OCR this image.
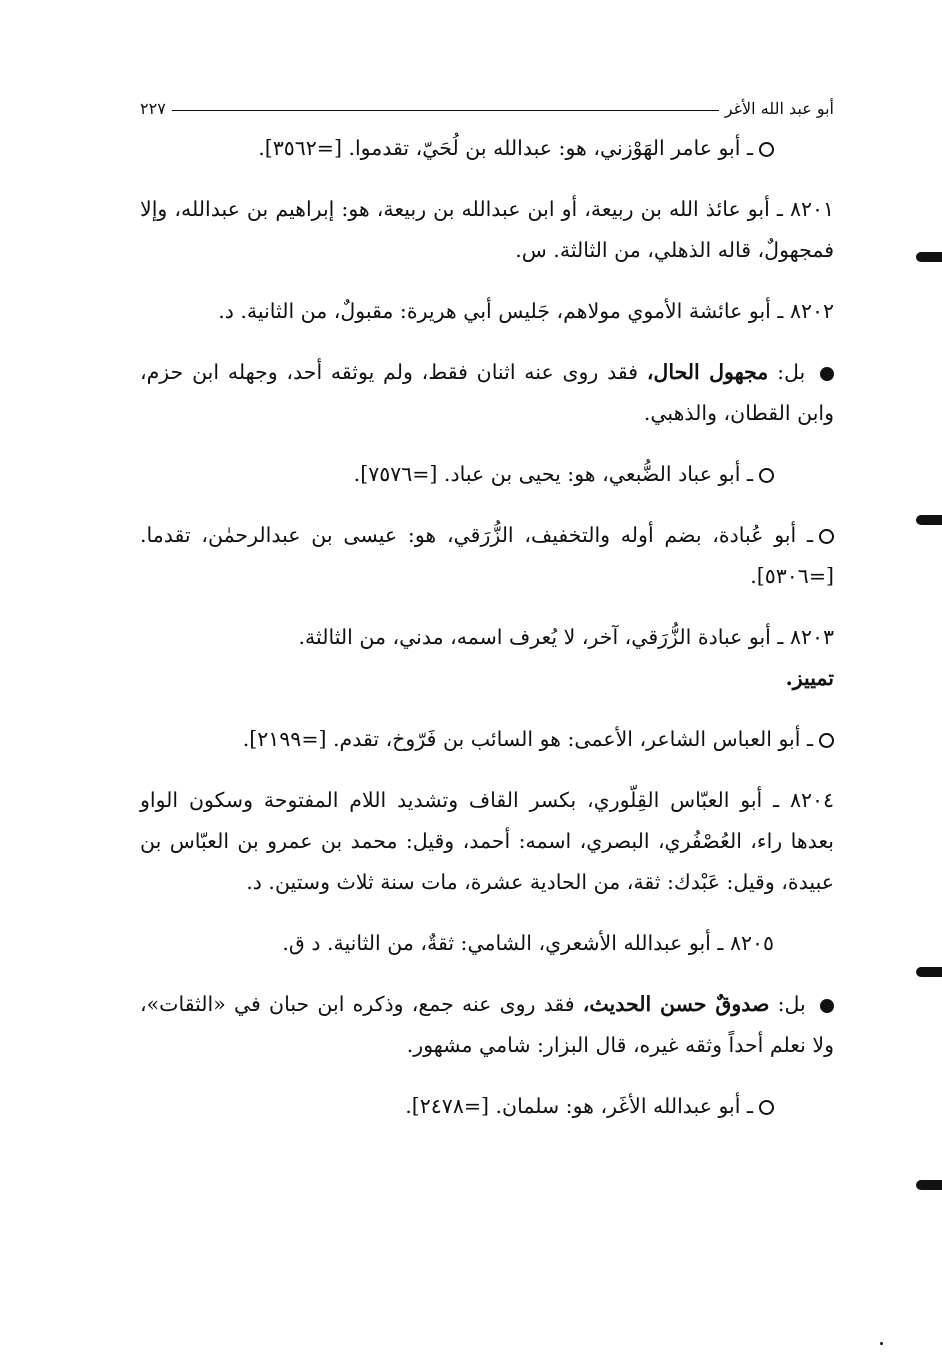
أبو عبد الله الأغر
٢٢٧

ـ أبو عامر الهَوْزني، هو: عبدالله بن لُحَيّ، تقدموا. [=٣٥٦٢].

٨٢٠١ ـ أبو عائذ الله بن ربيعة، أو ابن عبدالله بن ربيعة، هو: إبراهيم بن عبدالله، وإلا فمجهولٌ، قاله الذهلي، من الثالثة. س.

٨٢٠٢ ـ أبو عائشة الأموي مولاهم، جَليس أبي هريرة: مقبولٌ، من الثانية. د.

بل: مجهول الحال، فقد روى عنه اثنان فقط، ولم يوثقه أحد، وجهله ابن حزم، وابن القطان، والذهبي.

ـ أبو عباد الضُّبعي، هو: يحيى بن عباد. [=٧٥٧٦].

ـ أبو عُبادة، بضم أوله والتخفيف، الزُّرَقي، هو: عيسى بن عبدالرحمٰن، تقدما. [=٥٣٠٦].

٨٢٠٣ ـ أبو عبادة الزُّرَقي، آخر، لا يُعرف اسمه، مدني، من الثالثة.
تمييز.

ـ أبو العباس الشاعر، الأعمى: هو السائب بن فَرّوخ، تقدم. [=٢١٩٩].

٨٢٠٤ ـ أبو العبّاس القِلّوري، بكسر القاف وتشديد اللام المفتوحة وسكون الواو بعدها راء، العُصْفُري، البصري، اسمه: أحمد، وقيل: محمد بن عمرو بن العبّاس بن عبيدة، وقيل: عَبْدك: ثقة، من الحادية عشرة، مات سنة ثلاث وستين. د.

٨٢٠٥ ـ أبو عبدالله الأشعري، الشامي: ثقةٌ، من الثانية. د ق.

بل: صدوقٌ حسن الحديث، فقد روى عنه جمع، وذكره ابن حبان في «الثقات»، ولا نعلم أحداً وثقه غيره، قال البزار: شامي مشهور.

ـ أبو عبدالله الأغَر، هو: سلمان. [=٢٤٧٨].
